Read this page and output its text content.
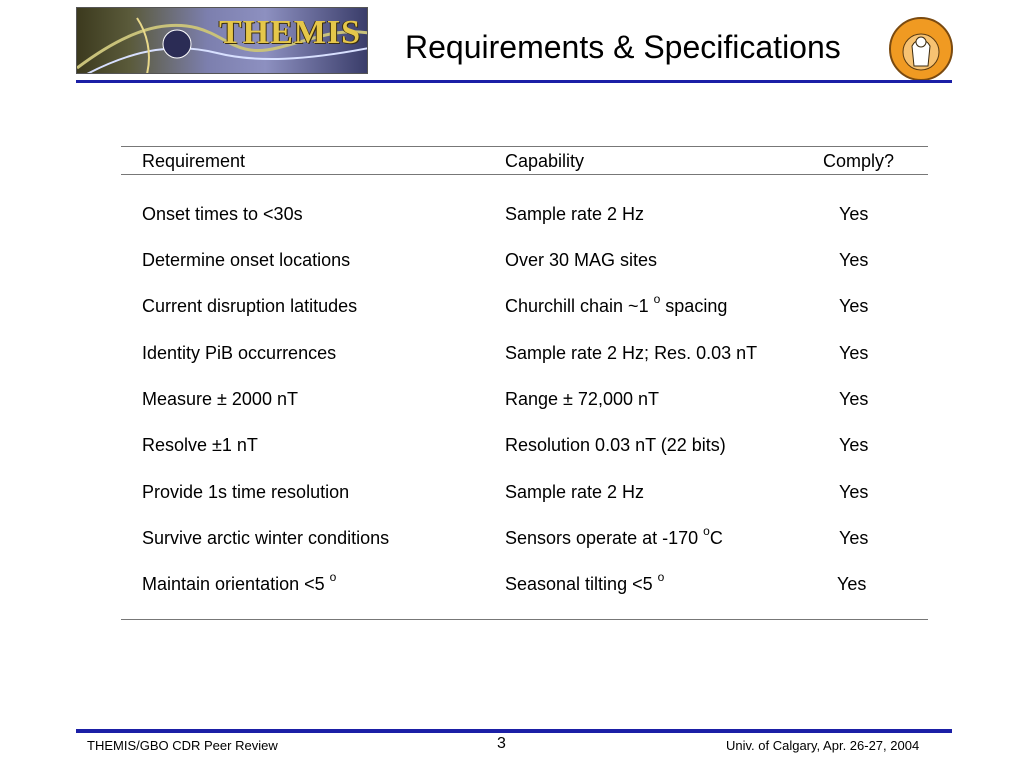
THEMIS Requirements & Specifications
Requirement	Capability	Comply?
Onset times to <30s	Sample rate 2 Hz	Yes
Determine onset locations	Over 30 MAG sites	Yes
Current disruption latitudes	Churchill chain ~1 $^o$ spacing	Yes
Identity PiB occurrences	Sample rate 2 Hz; Res. 0.03 nT	Yes
Measure ± 2000 nT	Range ± 72,000 nT	Yes
Resolve ±1 nT	Resolution 0.03 nT (22 bits)	Yes
Provide 1s time resolution	Sample rate 2 Hz	Yes
Survive arctic winter conditions	Sensors operate at -170 $^o$C	Yes
Maintain orientation <5 $^o$	Seasonal tilting <5 $^o$	Yes
THEMIS/GBO CDR Peer Review	3	Univ. of Calgary, Apr. 26-27, 2004
